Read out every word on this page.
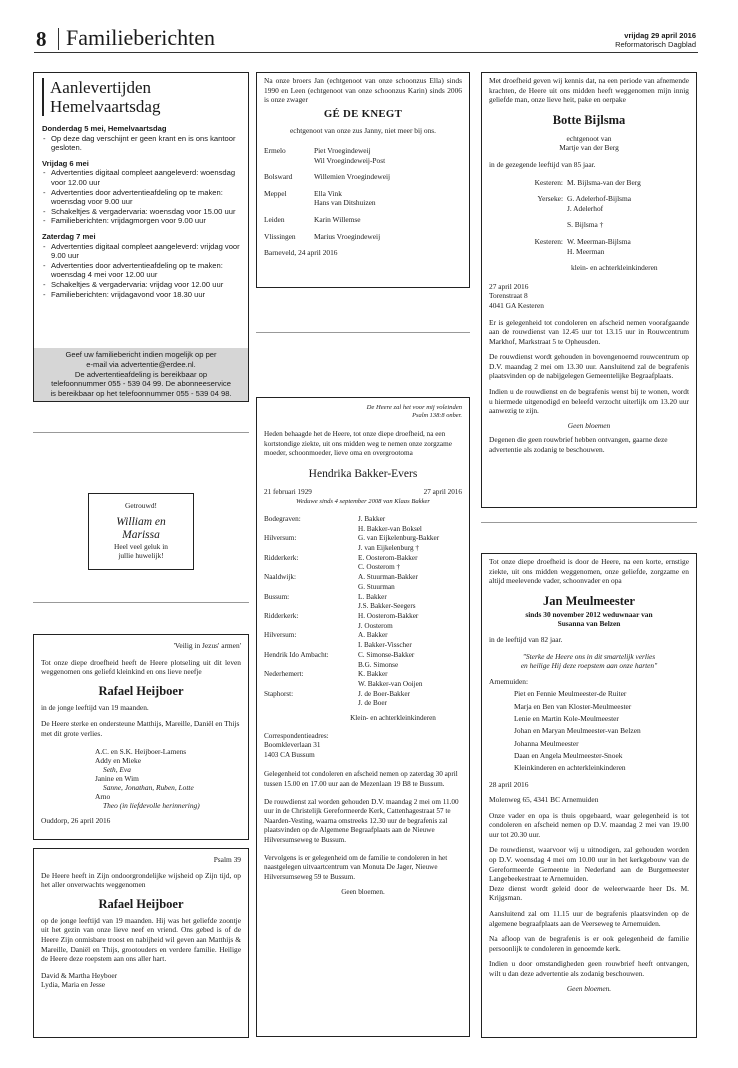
8 Familieberichten	vrijdag 29 april 2016
Reformatorisch Dagblad
Aanlevertijden
Hemelvaartsdag
Donderdag 5 mei, Hemelvaartsdag
- Op deze dag verschijnt er geen krant en is ons kantoor gesloten.
Vrijdag 6 mei
- Advertenties digitaal compleet aangeleverd: woensdag voor 12.00 uur
- Advertenties door advertentieafdeling op te maken: woensdag voor 9.00 uur
- Schakeltjes & vergadervaria: woensdag voor 15.00 uur
- Familieberichten: vrijdagmorgen voor 9.00 uur
Zaterdag 7 mei
- Advertenties digitaal compleet aangeleverd: vrijdag voor 9.00 uur
- Advertenties door advertentieafdeling op te maken: woensdag 4 mei voor 12.00 uur
- Schakeltjes & vergadervaria: vrijdag voor 12.00 uur
- Familieberichten: vrijdagavond voor 18.30 uur
Geef uw familiebericht indien mogelijk op per
e-mail via advertentie@erdee.nl.
De advertentieafdeling is bereikbaar op
telefoonnummer 055 - 539 04 99. De abonneeservice
is bereikbaar op het telefoonnummer 055 - 539 04 98.
Getrouwd!
William en
Marissa
Heel veel geluk in
jullie huwelijk!
'Veilig in Jezus' armen'
Tot onze diepe droefheid heeft de Heere plotseling uit dit leven weggenomen ons geliefd kleinkind en ons lieve neefje
Rafael Heijboer
in de jonge leeftijd van 19 maanden.
De Heere sterke en ondersteune Matthijs, Mareille, Daniël en Thijs met dit grote verlies.
A.C. en S.K. Heijboer-Lamens
Addy en Mieke
Seth, Eva
Janine en Wim
Sanne, Jonathan, Ruben, Lotte
Arno
Theo (in liefdevolle herinnering)
Ouddorp, 26 april 2016
Psalm 39
De Heere heeft in Zijn ondoorgrondelijke wijsheid op Zijn tijd, op het aller onverwachts weggenomen
Rafael Heijboer
op de jonge leeftijd van 19 maanden. Hij was het geliefde zoontje uit het gezin van onze lieve neef en vriend. Ons gebed is of de Heere Zijn onmisbare troost en nabijheid wil geven aan Matthijs & Mareille, Daniël en Thijs, grootouders en verdere familie. Heilige de Heere deze roepstem aan ons aller hart.
David & Martha Heyboer
Lydia, Maria en Jesse
Na onze broers Jan (echtgenoot van onze schoonzus Ella) sinds 1990 en Leen (echtgenoot van onze schoonzus Karin) sinds 2006 is onze zwager
GÉ DE KNEGT
echtgenoot van onze zus Janny, niet meer bij ons.
Ermelo	Piet Vroegindeweij
Wil Vroegindeweij-Post
Bolsward	Willemien Vroegindeweij
Meppel	Ella Vink
Hans van Ditshuizen
Leiden	Karin Willemse
Vlissingen	Marius Vroegindeweij
Barneveld, 24 april 2016
De Heere zal het voor mij voleinden
Psalm 138:8 onber.
Heden behaagde het de Heere, tot onze diepe droefheid, na een kortstondige ziekte, uit ons midden weg te nemen onze zorgzame moeder, schoonmoeder, lieve oma en overgrootoma
Hendrika Bakker-Evers
21 februari 1929	27 april 2016
Weduwe sinds 4 september 2008 van Klaas Bakker
Bodegraven:	J. Bakker
H. Bakker-van Boksel
Hilversum:	G. van Eijkelenburg-Bakker
J. van Eijkelenburg †
Ridderkerk:	E. Oosterom-Bakker
C. Oosterom †
Naaldwijk:	A. Stuurman-Bakker
G. Stuurman
Bussum:	L. Bakker
J.S. Bakker-Seegers
Ridderkerk:	H. Oosterom-Bakker
J. Oosterom
Hilversum:	A. Bakker
I. Bakker-Visscher
Hendrik Ido Ambacht:	C. Simonse-Bakker
B.G. Simonse
Nederhemert:	K. Bakker
W. Bakker-van Ooijen
Staphorst:	J. de Boer-Bakker
J. de Boer
Klein- en achterkleinkinderen
Correspondentieadres:
Boomkleverlaan 31
1403 CA Bussum
Gelegenheid tot condoleren en afscheid nemen op zaterdag 30 april tussen 15.00 en 17.00 uur aan de Mezenlaan 19 B8 te Bussum.
De rouwdienst zal worden gehouden D.V. maandag 2 mei om 11.00 uur in de Christelijk Gereformeerde Kerk, Cattenhagestraat 57 te Naarden-Vesting, waarna omstreeks 12.30 uur de begrafenis zal plaatsvinden op de Algemene Begraafplaats aan de Nieuwe Hilversumseweg te Bussum.
Vervolgens is er gelegenheid om de familie te condoleren in het naastgelegen uitvaartcentrum van Monuta De Jager, Nieuwe Hilversumseweg 59 te Bussum.
Geen bloemen.
Met droefheid geven wij kennis dat, na een periode van afnemende krachten, de Heere uit ons midden heeft weggenomen mijn innig geliefde man, onze lieve heit, pake en oerpake
Botte Bijlsma
echtgenoot van
Martje van der Berg
in de gezegende leeftijd van 85 jaar.
Kesteren: M. Bijlsma-van der Berg
Yerseke: G. Adelerhof-Bijlsma
J. Adelerhof
S. Bijlsma †
Kesteren: W. Meerman-Bijlsma
H. Meerman
klein- en achterkleinkinderen
27 april 2016
Torenstraat 8
4041 GA Kesteren
Er is gelegenheid tot condoleren en afscheid nemen voorafgaande aan de rouwdienst van 12.45 uur tot 13.15 uur in Rouwcentrum Markhof, Markstraat 5 te Opheusden.
De rouwdienst wordt gehouden in bovengenoemd rouwcentrum op D.V. maandag 2 mei om 13.30 uur. Aansluitend zal de begrafenis plaatsvinden op de nabijgelegen Gemeentelijke Begraafplaats.
Indien u de rouwdienst en de begrafenis wenst bij te wonen, wordt u hiermede uitgenodigd en beleefd verzocht uiterlijk om 13.20 uur aanwezig te zijn.
Geen bloemen
Degenen die geen rouwbrief hebben ontvangen, gaarne deze advertentie als zodanig te beschouwen.
Tot onze diepe droefheid is door de Heere, na een korte, ernstige ziekte, uit ons midden weggenomen, onze geliefde, zorgzame en altijd meelevende vader, schoonvader en opa
Jan Meulmeester
sinds 30 november 2012 weduwnaar van
Susanna van Belzen
in de leeftijd van 82 jaar.
"Sterke de Heere ons in dit smartelijk verlies
en heilige Hij deze roepstem aan onze harten"
Arnemuiden:
Piet en Fennie Meulmeester-de Ruiter
Marja en Ben van Kloster-Meulmeester
Lenie en Martin Kole-Meulmeester
Johan en Maryan Meulmeester-van Belzen
Johanna Meulmeester
Daan en Angela Meulmeester-Snoek
Kleinkinderen en achterkleinkinderen
28 april 2016
Molenweg 65, 4341 BC Arnemuiden
Onze vader en opa is thuis opgebaard, waar gelegenheid is tot condoleren en afscheid nemen op D.V. maandag 2 mei van 19.00 uur tot 20.30 uur.
De rouwdienst, waarvoor wij u uitnodigen, zal gehouden worden op D.V. woensdag 4 mei om 10.00 uur in het kerkgebouw van de Gereformeerde Gemeente in Nederland aan de Burgemeester Langebeekestraat te Arnemuiden.
Deze dienst wordt geleid door de weleerwaarde heer Ds. M. Krijgsman.
Aansluitend zal om 11.15 uur de begrafenis plaatsvinden op de algemene begraafplaats aan de Veerseweg te Arnemuiden.
Na afloop van de begrafenis is er ook gelegenheid de familie persoonlijk te condoleren in genoemde kerk.
Indien u door omstandigheden geen rouwbrief heeft ontvangen, wilt u dan deze advertentie als zodanig beschouwen.
Geen bloemen.
